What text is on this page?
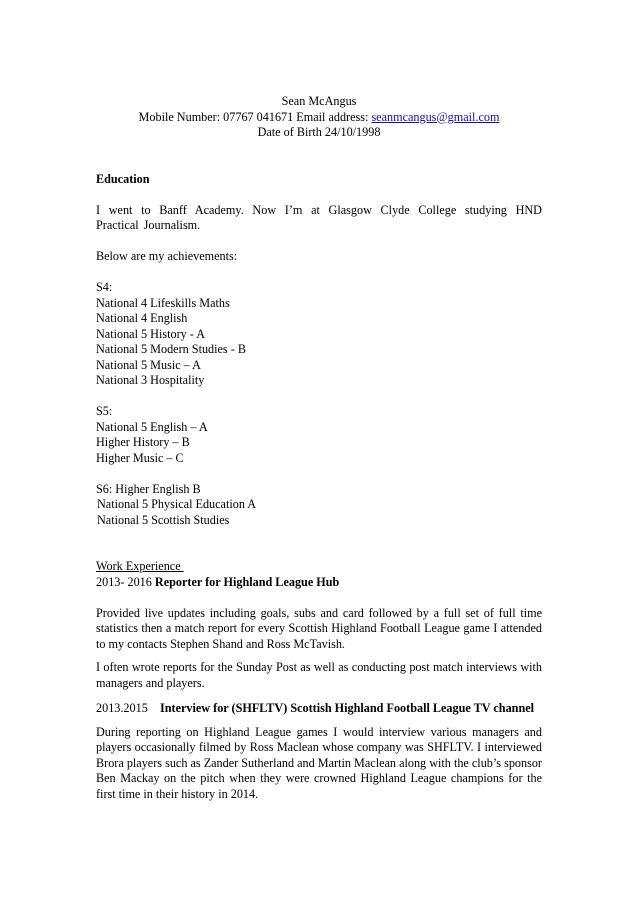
Sean McAngus
Mobile Number: 07767 041671 Email address: seanmcangus@gmail.com
Date of Birth 24/10/1998
Education
I went to Banff Academy. Now I’m at Glasgow Clyde College studying HND Practical Journalism.
Below are my achievements:
S4:
National 4 Lifeskills Maths
National 4 English
National 5 History - A
National 5 Modern Studies - B
National 5 Music – A
National 3 Hospitality
S5:
National 5 English – A
Higher History – B
Higher Music – C
S6: Higher English B
National 5 Physical Education A
National 5 Scottish Studies
Work Experience
2013- 2016 Reporter for Highland League Hub
Provided live updates including goals, subs and card followed by a full set of full time statistics then a match report for every Scottish Highland Football League game I attended to my contacts Stephen Shand and Ross McTavish.
I often wrote reports for the Sunday Post as well as conducting post match interviews with managers and players.
2013.2015	Interview for (SHFLTV) Scottish Highland Football League TV channel
During reporting on Highland League games I would interview various managers and players occasionally filmed by Ross Maclean whose company was SHFLTV. I interviewed Brora players such as Zander Sutherland and Martin Maclean along with the club’s sponsor Ben Mackay on the pitch when they were crowned Highland League champions for the first time in their history in 2014.
